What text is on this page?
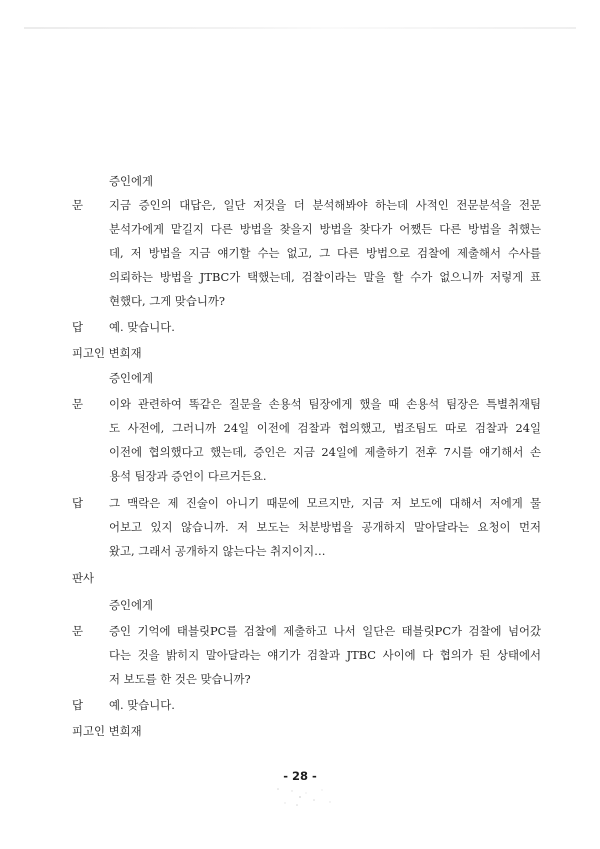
증인에게
문 지금 증인의 대답은, 일단 저것을 더 분석해봐야 하는데 사적인 전문분석을 전문
분석가에게 맡길지 다른 방법을 찾을지 방법을 찾다가 어쨌든 다른 방법을 취했는
데, 저 방법을 지금 얘기할 수는 없고, 그 다른 방법으로 검찰에 제출해서 수사를
의뢰하는 방법을 JTBC가 택했는데, 검찰이라는 말을 할 수가 없으니까 저렇게 표
현했다, 그게 맞습니까?
답 예. 맞습니다.
피고인 변희재
증인에게
문 이와 관련하여 똑같은 질문을 손용석 팀장에게 했을 때 손용석 팀장은 특별취재팀
도 사전에, 그러니까 24일 이전에 검찰과 협의했고, 법조팀도 따로 검찰과 24일
이전에 협의했다고 했는데, 증인은 지금 24일에 제출하기 전후 7시를 얘기해서 손
용석 팀장과 증언이 다르거든요.
답 그 맥락은 제 진술이 아니기 때문에 모르지만, 지금 저 보도에 대해서 저에게 물
어보고 있지 않습니까. 저 보도는 처분방법을 공개하지 말아달라는 요청이 먼저
왔고, 그래서 공개하지 않는다는 취지이지…
판사
증인에게
문 증인 기억에 태블릿PC를 검찰에 제출하고 나서 일단은 태블릿PC가 검찰에 넘어갔
다는 것을 밝히지 말아달라는 얘기가 검찰과 JTBC 사이에 다 협의가 된 상태에서
저 보도를 한 것은 맞습니까?
답 예. 맞습니다.
피고인 변희재
- 28 -
